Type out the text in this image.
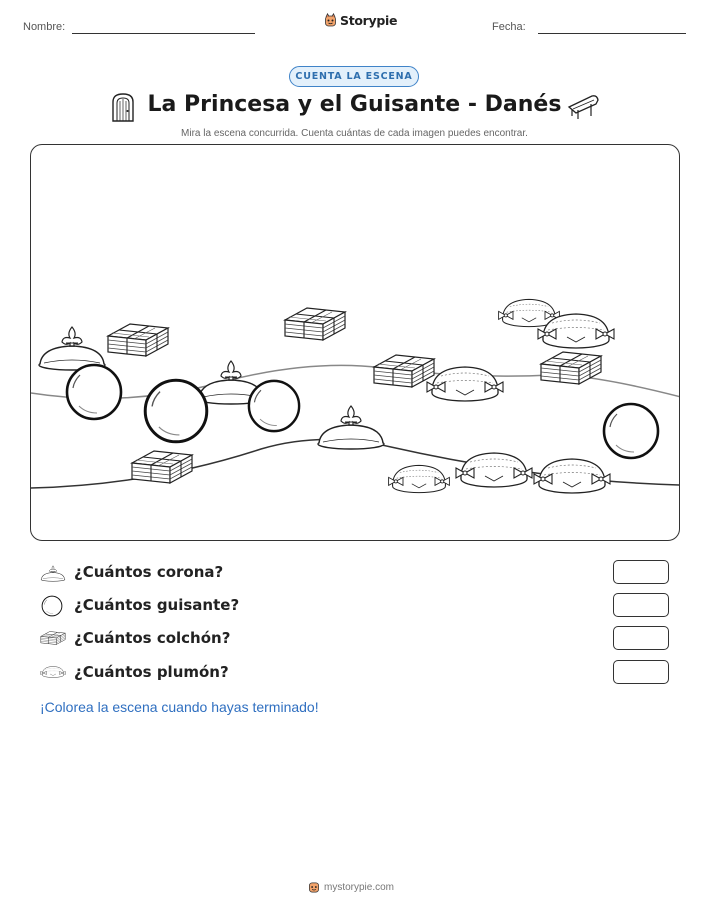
Nombre:	Storypie	Fecha:
CUENTA LA ESCENA
La Princesa y el Guisante - Danés
Mira la escena concurrida. Cuenta cuántas de cada imagen puedes encontrar.
¿Cuántos corona?
¿Cuántos guisante?
¿Cuántos colchón?
¿Cuántos plumón?
¡Colorea la escena cuando hayas terminado!
mystorypie.com
